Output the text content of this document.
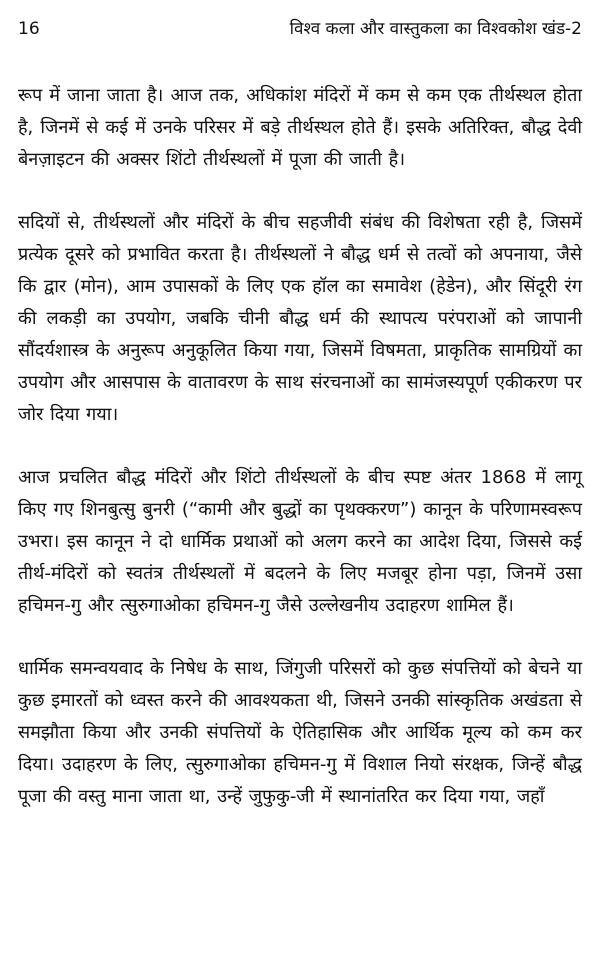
16	विश्व कला और वास्तुकला का विश्वकोश खंड-2

रूप में जाना जाता है। आज तक, अधिकांश मंदिरों में कम से कम एक तीर्थस्थल होता है, जिनमें से कई में उनके परिसर में बड़े तीर्थस्थल होते हैं। इसके अतिरिक्त, बौद्ध देवी बेनज़ाइटन की अक्सर शिंटो तीर्थस्थलों में पूजा की जाती है।

सदियों से, तीर्थस्थलों और मंदिरों के बीच सहजीवी संबंध की विशेषता रही है, जिसमें प्रत्येक दूसरे को प्रभावित करता है। तीर्थस्थलों ने बौद्ध धर्म से तत्वों को अपनाया, जैसे कि द्वार (मोन), आम उपासकों के लिए एक हॉल का समावेश (हेडेन), और सिंदूरी रंग की लकड़ी का उपयोग, जबकि चीनी बौद्ध धर्म की स्थापत्य परंपराओं को जापानी सौंदर्यशास्त्र के अनुरूप अनुकूलित किया गया, जिसमें विषमता, प्राकृतिक सामग्रियों का उपयोग और आसपास के वातावरण के साथ संरचनाओं का सामंजस्यपूर्ण एकीकरण पर जोर दिया गया।

आज प्रचलित बौद्ध मंदिरों और शिंटो तीर्थस्थलों के बीच स्पष्ट अंतर 1868 में लागू किए गए शिनबुत्सु बुनरी (“कामी और बुद्धों का पृथक्करण”) कानून के परिणामस्वरूप उभरा। इस कानून ने दो धार्मिक प्रथाओं को अलग करने का आदेश दिया, जिससे कई तीर्थ-मंदिरों को स्वतंत्र तीर्थस्थलों में बदलने के लिए मजबूर होना पड़ा, जिनमें उसा हचिमन-गु और त्सुरुगाओका हचिमन-गु जैसे उल्लेखनीय उदाहरण शामिल हैं।

धार्मिक समन्वयवाद के निषेध के साथ, जिंगुजी परिसरों को कुछ संपत्तियों को बेचने या कुछ इमारतों को ध्वस्त करने की आवश्यकता थी, जिसने उनकी सांस्कृतिक अखंडता से समझौता किया और उनकी संपत्तियों के ऐतिहासिक और आर्थिक मूल्य को कम कर दिया। उदाहरण के लिए, त्सुरुगाओका हचिमन-गु में विशाल नियो संरक्षक, जिन्हें बौद्ध पूजा की वस्तु माना जाता था, उन्हें जुफुकु-जी में स्थानांतरित कर दिया गया, जहाँ
